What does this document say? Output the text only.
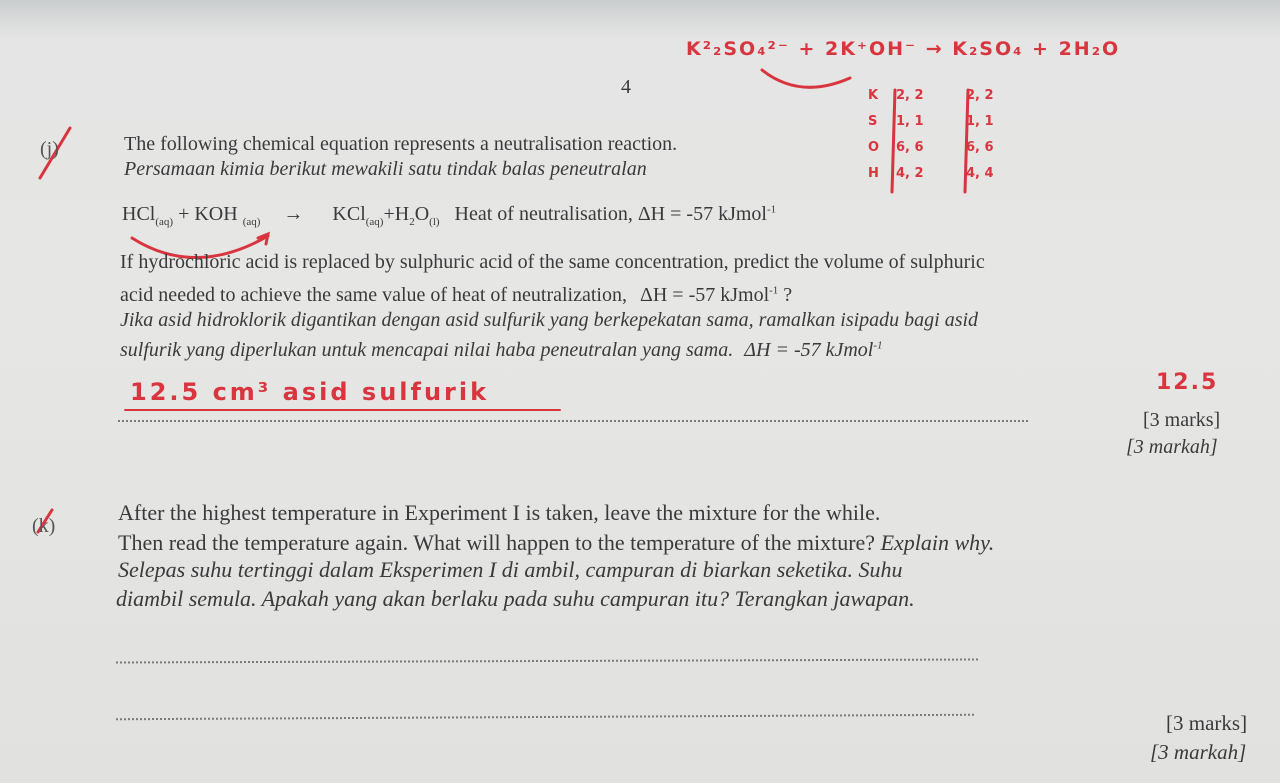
4
K²₂SO₄²⁻ + 2K⁺OH⁻ → K₂SO₄ + 2H₂O
K 2, 2	2, 2
S 1, 1	1, 1
O 6, 6	6, 6
H 4, 2	4, 4
(j)	The following chemical equation represents a neutralisation reaction.
Persamaan kimia berikut mewakili satu tindak balas peneutralan
HCl$_{(aq)}$ + KOH $_{(aq)} \to KCl_{(aq)}+H_2O_{(l)}$ Heat of neutralisation, ΔH = -57 kJmol$^{-1}$
If hydrochloric acid is replaced by sulphuric acid of the same concentration, predict the volume of sulphuric
acid needed to achieve the same value of heat of neutralization, ΔH = -57 kJmol$^{-1}$ ?
Jika asid hidroklorik digantikan dengan asid sulfurik yang berkepekatan sama, ramalkan isipadu bagi asid
sulfurik yang diperlukan untuk mencapai nilai haba peneutralan yang sama. ΔH = -57 kJmol$^{-1}$
12.5 cm³ asid sulfurik	12.5
[3 marks]
[3 markah]
(k)
After the highest temperature in Experiment I is taken, leave the mixture for the while.
Then read the temperature again. What will happen to the temperature of the mixture? Explain why.
Selepas suhu tertinggi dalam Eksperimen I di ambil, campuran di biarkan seketika. Suhu
diambil semula. Apakah yang akan berlaku pada suhu campuran itu? Terangkan jawapan.
[3 marks]
[3 markah]
